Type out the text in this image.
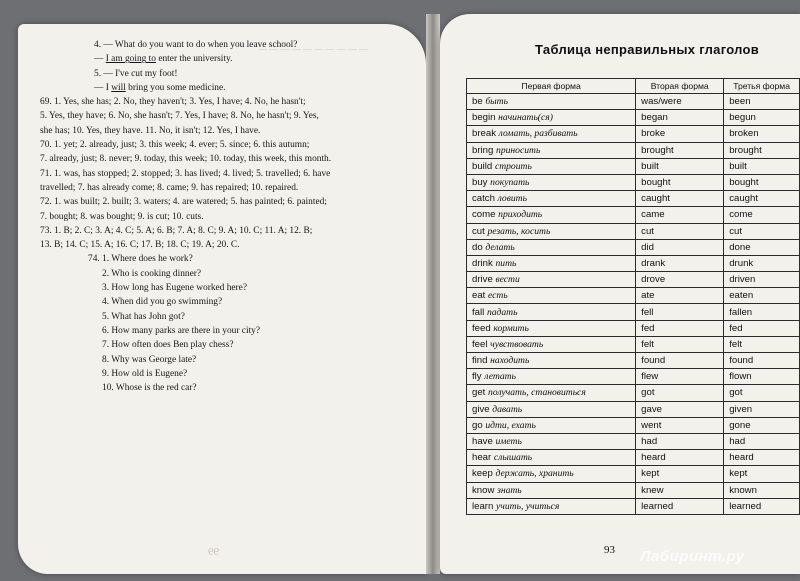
— — — — — — — — — —
4. — What do you want to do when you leave school?
— I am going to enter the university.
5. — I've cut my foot!
— I will bring you some medicine.
69. 1. Yes, she has; 2. No, they haven't; 3. Yes, I have; 4. No, he hasn't;
5. Yes, they have; 6. No, she hasn't; 7. Yes, I have; 8. No, he hasn't; 9. Yes,
she has; 10. Yes, they have. 11. No, it isn't; 12. Yes, I have.
70. 1. yet; 2. already, just; 3. this week; 4. ever; 5. since; 6. this autumn;
7. already, just; 8. never; 9. today, this week; 10. today, this week, this month.
71. 1. was, has stopped; 2. stopped; 3. has lived; 4. lived; 5. travelled; 6. have
travelled; 7. has already come; 8. came; 9. has repaired; 10. repaired.
72. 1. was built; 2. built; 3. waters; 4. are watered; 5. has painted; 6. painted;
7. bought; 8. was bought; 9. is cut; 10. cuts.
73. 1. B; 2. C; 3. A; 4. C; 5. A; 6. B; 7. A; 8. C; 9. A; 10. C; 11. A; 12. B;
13. B; 14. C; 15. A; 16. C; 17. B; 18. C; 19. A; 20. C.
74. 1. Where does he work?
2. Who is cooking dinner?
3. How long has Eugene worked here?
4. When did you go swimming?
5. What has John got?
6. How many parks are there in your city?
7. How often does Ben play chess?
8. Why was George late?
9. How old is Eugene?
10. Whose is the red car?
99
Таблица неправильных глаголов
Первая форма	Вторая форма	Третья форма
be быть	was/were	been
begin начинать(ся)	began	begun
break ломать, разбивать	broke	broken
bring приносить	brought	brought
build строить	built	built
buy покупать	bought	bought
catch ловить	caught	caught
come приходить	came	come
cut резать, косить	cut	cut
do делать	did	done
drink пить	drank	drunk
drive вести	drove	driven
eat есть	ate	eaten
fall падать	fell	fallen
feed кормить	fed	fed
feel чувствовать	felt	felt
find находить	found	found
fly летать	flew	flown
get получать, становиться	got	got
give давать	gave	given
go идти, ехать	went	gone
have иметь	had	had
hear слышать	heard	heard
keep держать, хранить	kept	kept
know знать	knew	known
learn учить, учиться	learned	learned
93 Лабиринт.ру
